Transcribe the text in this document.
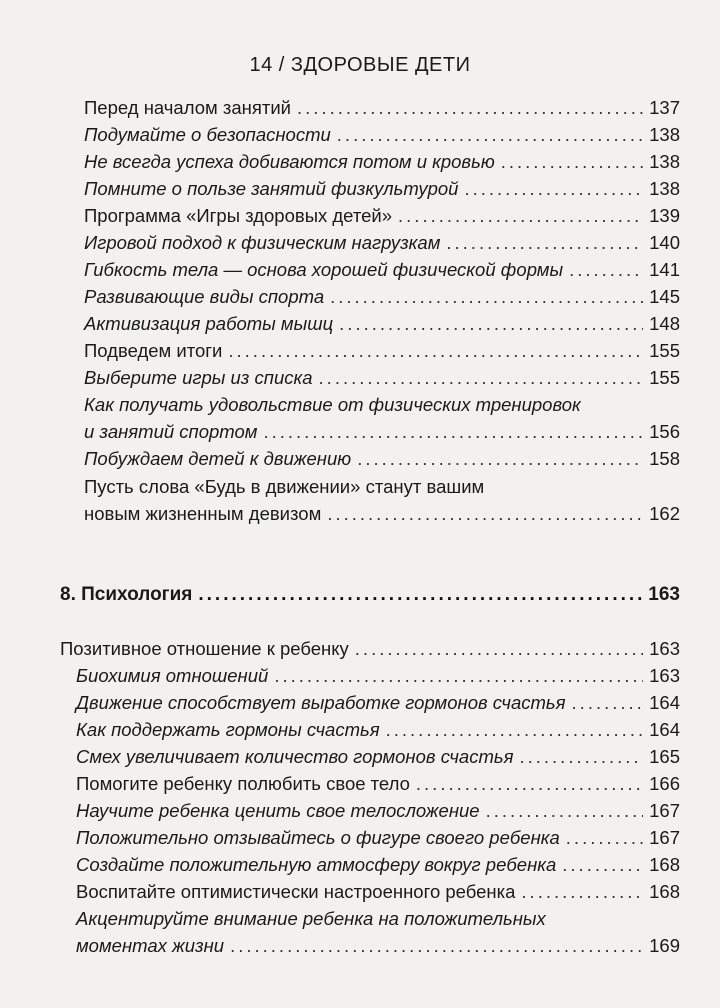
14 / ЗДОРОВЫЕ ДЕТИ
Перед началом занятий .....	137
Подумайте о безопасности .....	138
Не всегда успеха добиваются потом и кровью .....	138
Помните о пользе занятий физкультурой .....	138
Программа «Игры здоровых детей» .....	139
Игровой подход к физическим нагрузкам .....	140
Гибкость тела — основа хорошей физической формы .....	141
Развивающие виды спорта .....	145
Активизация работы мышц .....	148
Подведем итоги .....	155
Выберите игры из списка .....	155
Как получать удовольствие от физических тренировок
и занятий спортом .....	156
Побуждаем детей к движению .....	158
Пусть слова «Будь в движении» станут вашим
новым жизненным девизом .....	162
8. Психология .....	163
Позитивное отношение к ребенку .....	163
Биохимия отношений .....	163
Движение способствует выработке гормонов счастья .....	164
Как поддержать гормоны счастья .....	164
Смех увеличивает количество гормонов счастья .....	165
Помогите ребенку полюбить свое тело .....	166
Научите ребенка ценить свое телосложение .....	167
Положительно отзывайтесь о фигуре своего ребенка .....	167
Создайте положительную атмосферу вокруг ребенка .....	168
Воспитайте оптимистически настроенного ребенка .....	168
Акцентируйте внимание ребенка на положительных
моментах жизни .....	169
